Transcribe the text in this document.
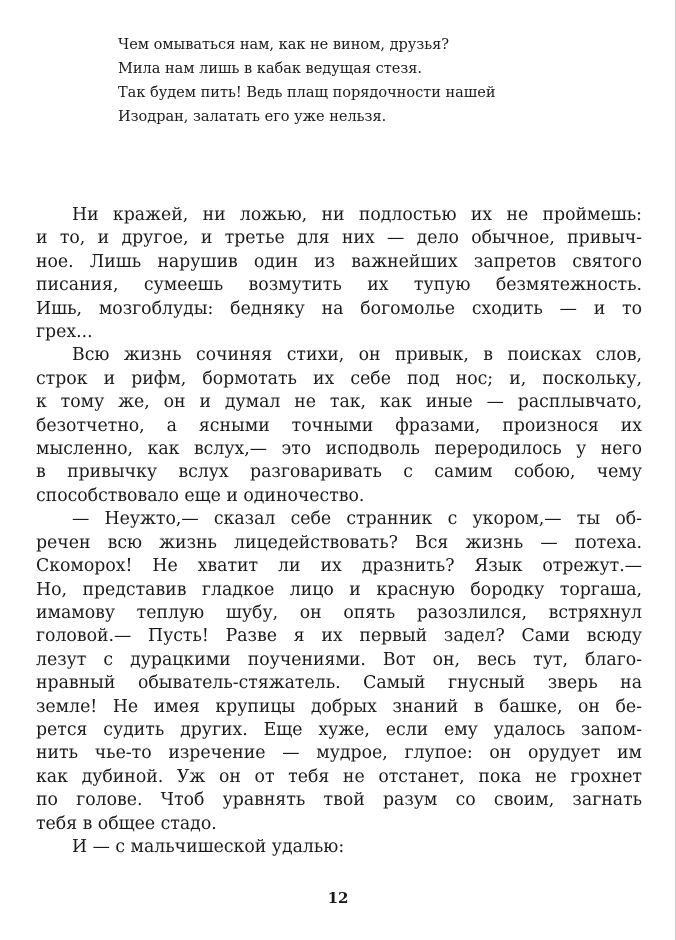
Чем омываться нам, как не вином, друзья?
Мила нам лишь в кабак ведущая стезя.
Так будем пить! Ведь плащ порядочности нашей
Изодран, залатать его уже нельзя.
Ни кражей, ни ложью, ни подлостью их не проймешь:
и то, и другое, и третье для них — дело обычное, привыч-
ное. Лишь нарушив один из важнейших запретов святого
писания, сумеешь возмутить их тупую безмятежность.
Ишь, мозгоблуды: бедняку на богомолье сходить — и то
грех...
Всю жизнь сочиняя стихи, он привык, в поисках слов,
строк и рифм, бормотать их себе под нос; и, поскольку,
к тому же, он и думал не так, как иные — расплывчато,
безотчетно, а ясными точными фразами, произнося их
мысленно, как вслух,— это исподволь переродилось у него
в привычку вслух разговаривать с самим собою, чему
способствовало еще и одиночество.
— Неужто,— сказал себе странник с укором,— ты об-
речен всю жизнь лицедействовать? Вся жизнь — потеха.
Скоморох! Не хватит ли их дразнить? Язык отрежут.—
Но, представив гладкое лицо и красную бородку торгаша,
имамову теплую шубу, он опять разозлился, встряхнул
головой.— Пусть! Разве я их первый задел? Сами всюду
лезут с дурацкими поучениями. Вот он, весь тут, благо-
нравный обыватель-стяжатель. Самый гнусный зверь на
земле! Не имея крупицы добрых знаний в башке, он бе-
рется судить других. Еще хуже, если ему удалось запом-
нить чье-то изречение — мудрое, глупое: он орудует им
как дубиной. Уж он от тебя не отстанет, пока не грохнет
по голове. Чтоб уравнять твой разум со своим, загнать
тебя в общее стадо.
И — с мальчишеской удалью:
12
